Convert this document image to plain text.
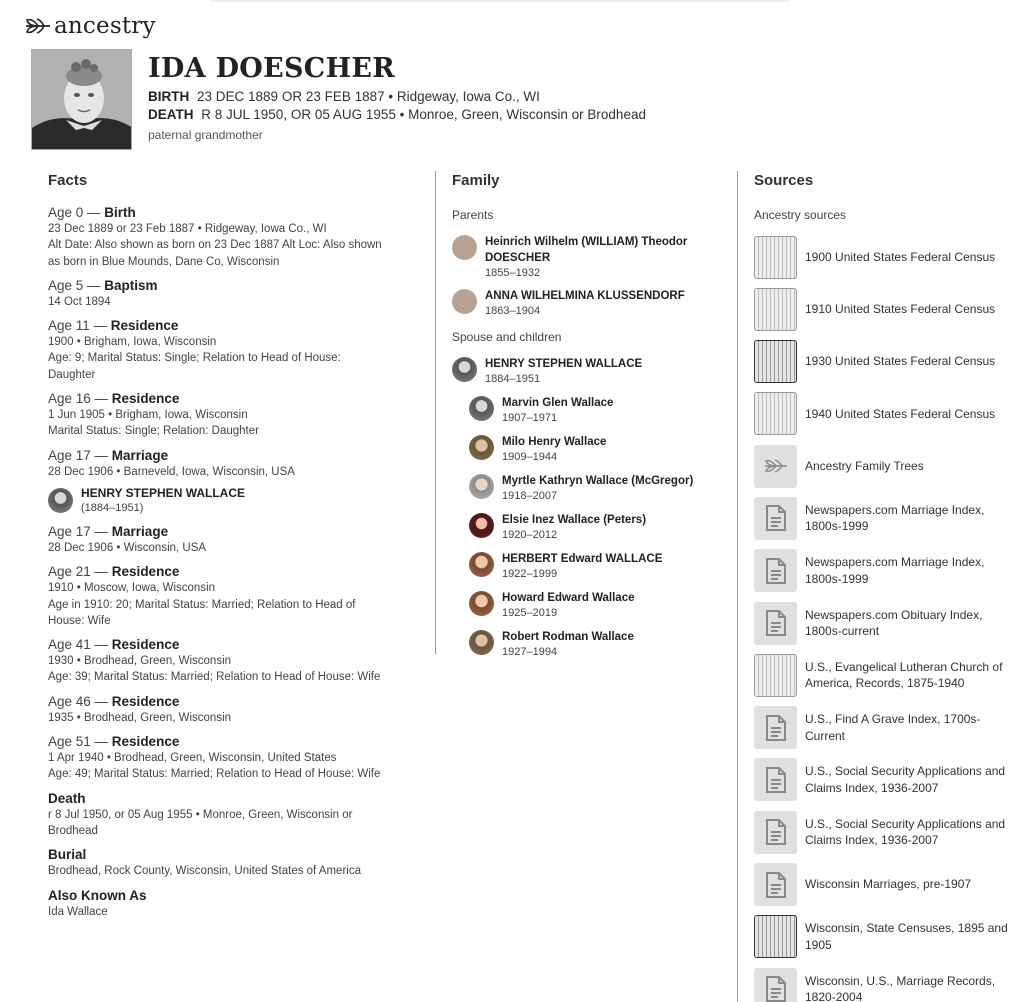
ancestry
IDA DOESCHER
BIRTH 23 DEC 1889 OR 23 FEB 1887 • Ridgeway, Iowa Co., WI
DEATH R 8 JUL 1950, OR 05 AUG 1955 • Monroe, Green, Wisconsin or Brodhead
paternal grandmother
Facts	Family	Sources
Age 0 — Birth
23 Dec 1889 or 23 Feb 1887 • Ridgeway, Iowa Co., WI
Alt Date: Also shown as born on 23 Dec 1887 Alt Loc: Also shown
as born in Blue Mounds, Dane Co, Wisconsin
Age 5 — Baptism
14 Oct 1894
Age 11 — Residence
1900 • Brigham, Iowa, Wisconsin
Age: 9; Marital Status: Single; Relation to Head of House:
Daughter
Age 16 — Residence
1 Jun 1905 • Brigham, Iowa, Wisconsin
Marital Status: Single; Relation: Daughter
Age 17 — Marriage
28 Dec 1906 • Barneveld, Iowa, Wisconsin, USA
HENRY STEPHEN WALLACE
(1884–1951)
Age 17 — Marriage
28 Dec 1906 • Wisconsin, USA
Age 21 — Residence
1910 • Moscow, Iowa, Wisconsin
Age in 1910: 20; Marital Status: Married; Relation to Head of
House: Wife
Age 41 — Residence
1930 • Brodhead, Green, Wisconsin
Age: 39; Marital Status: Married; Relation to Head of House: Wife
Age 46 — Residence
1935 • Brodhead, Green, Wisconsin
Age 51 — Residence
1 Apr 1940 • Brodhead, Green, Wisconsin, United States
Age: 49; Marital Status: Married; Relation to Head of House: Wife
Death
r 8 Jul 1950, or 05 Aug 1955 • Monroe, Green, Wisconsin or
Brodhead
Burial
Brodhead, Rock County, Wisconsin, United States of America
Also Known As
Ida Wallace
Parents
Heinrich Wilhelm (WILLIAM) Theodor
DOESCHER
1855–1932
ANNA WILHELMINA KLUSSENDORF
1863–1904
Spouse and children
HENRY STEPHEN WALLACE
1884–1951
Marvin Glen Wallace
1907–1971
Milo Henry Wallace
1909–1944
Myrtle Kathryn Wallace (McGregor)
1918–2007
Elsie Inez Wallace (Peters)
1920–2012
HERBERT Edward WALLACE
1922–1999
Howard Edward Wallace
1925–2019
Robert Rodman Wallace
1927–1994
Ancestry sources
1900 United States Federal Census
1910 United States Federal Census
1930 United States Federal Census
1940 United States Federal Census
Ancestry Family Trees
Newspapers.com Marriage Index,
1800s-1999
Newspapers.com Marriage Index,
1800s-1999
Newspapers.com Obituary Index,
1800s-current
U.S., Evangelical Lutheran Church of
America, Records, 1875-1940
U.S., Find A Grave Index, 1700s-
Current
U.S., Social Security Applications and
Claims Index, 1936-2007
U.S., Social Security Applications and
Claims Index, 1936-2007
Wisconsin Marriages, pre-1907
Wisconsin, State Censuses, 1895 and
1905
Wisconsin, U.S., Marriage Records,
1820-2004
